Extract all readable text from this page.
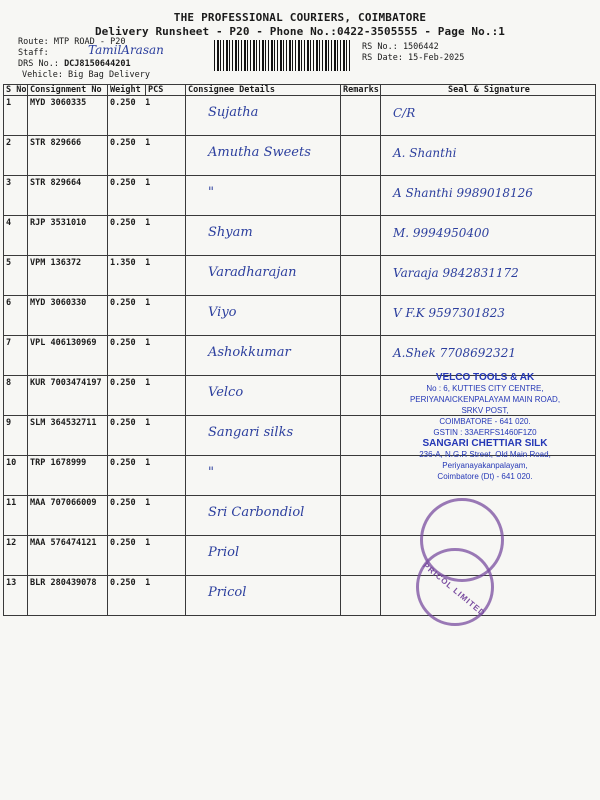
THE PROFESSIONAL COURIERS, COIMBATORE
Delivery Runsheet - P20 - Phone No.:0422-3505555 - Page No.:1
Route: MTP ROAD - P20
Staff:	TamilArasan
DRS No.: DCJ8150644201
Vehicle: Big Bag Delivery
RS No.: 1506442
RS Date: 15-Feb-2025
S No	Consignment No	Weight	PCS	Consignee Details	Remarks	Seal & Signature

1	MYD 3060335	0.250 1		Sujatha		C/R

2	STR 829666	0.250 1		Amutha Sweets		A. Shanthi

3	STR 829664	0.250 1		"		A Shanthi 9989018126

4	RJP 3531010	0.250 1		Shyam		M. 9994950400

5	VPM 136372	1.350 1		Varadharajan		Varaaja 9842831172

6	MYD 3060330	0.250 1		Viyo		V F.K 9597301823

7	VPL 406130969	0.250 1		Ashokkumar		A.Shek 7708692321

8	KUR 7003474197	0.250 1		Velco		

9	SLM 364532711	0.250 1		Sangari silks		

10	TRP 1678999	0.250 1		"		

11	MAA 707066009	0.250 1		Sri Carbondiol		

12	MAA 576474121	0.250 1		Priol		

13	BLR 280439078	0.250 1		Pricol		

VELCO TOOLS & AK
No : 6, KUTTIES CITY CENTRE,
PERIYANAICKENPALAYAM MAIN ROAD,
SRKV POST,
COIMBATORE - 641 020.
GSTIN : 33AERFS1460F1Z0
SANGARI CHETTIAR SILK
236-A, N.G.R Street, Old Main Road,
Periyanayakanpalayam,
Coimbatore (Dt) - 641 020.
PRICOL LIMITED
